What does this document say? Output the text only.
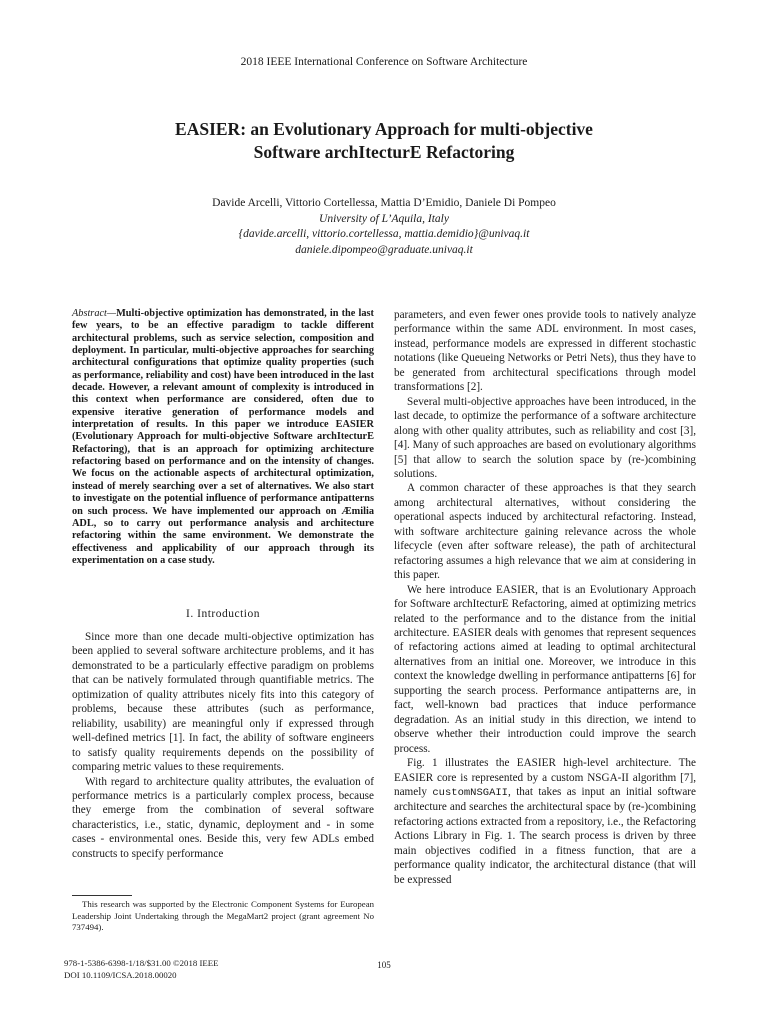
2018 IEEE International Conference on Software Architecture
EASIER: an Evolutionary Approach for multi-objective
Software archItecturE Refactoring
Davide Arcelli, Vittorio Cortellessa, Mattia D’Emidio, Daniele Di Pompeo
University of L’Aquila, Italy
{davide.arcelli, vittorio.cortellessa, mattia.demidio}@univaq.it
daniele.dipompeo@graduate.univaq.it

Abstract—Multi-objective optimization has demonstrated, in the last few years, to be an effective paradigm to tackle different architectural problems, such as service selection, composition and deployment. In particular, multi-objective approaches for searching architectural configurations that optimize quality properties (such as performance, reliability and cost) have been introduced in the last decade. However, a relevant amount of complexity is introduced in this context when performance are considered, often due to expensive iterative generation of performance models and interpretation of results. In this paper we introduce EASIER (Evolutionary Approach for multi-objective Software archItecturE Refactoring), that is an approach for optimizing architecture refactoring based on performance and on the intensity of changes. We focus on the actionable aspects of architectural optimization, instead of merely searching over a set of alternatives. We also start to investigate on the potential influence of performance antipatterns on such process. We have implemented our approach on Æmilia ADL, so to carry out performance analysis and architecture refactoring within the same environment. We demonstrate the effectiveness and applicability of our approach through its experimentation on a case study.

I. Introduction

Since more than one decade multi-objective optimization has been applied to several software architecture problems, and it has demonstrated to be a particularly effective paradigm on problems that can be natively formulated through quantifiable metrics. The optimization of quality attributes nicely fits into this category of problems, because these attributes (such as performance, reliability, usability) are meaningful only if expressed through well-defined metrics [1]. In fact, the ability of software engineers to satisfy quality requirements depends on the possibility of comparing metric values to these requirements.

With regard to architecture quality attributes, the evaluation of performance metrics is a particularly complex process, because they emerge from the combination of several software characteristics, i.e., static, dynamic, deployment and - in some cases - environmental ones. Beside this, very few ADLs embed constructs to specify performance

parameters, and even fewer ones provide tools to natively analyze performance within the same ADL environment. In most cases, instead, performance models are expressed in different stochastic notations (like Queueing Networks or Petri Nets), thus they have to be generated from architectural specifications through model transformations [2].

Several multi-objective approaches have been introduced, in the last decade, to optimize the performance of a software architecture along with other quality attributes, such as reliability and cost [3], [4]. Many of such approaches are based on evolutionary algorithms [5] that allow to search the solution space by (re-)combining solutions.

A common character of these approaches is that they search among architectural alternatives, without considering the operational aspects induced by architectural refactoring. Instead, with software architecture gaining relevance across the whole lifecycle (even after software release), the path of architectural refactoring assumes a high relevance that we aim at considering in this paper.

We here introduce EASIER, that is an Evolutionary Approach for Software archItecturE Refactoring, aimed at optimizing metrics related to the performance and to the distance from the initial architecture. EASIER deals with genomes that represent sequences of refactoring actions aimed at leading to optimal architectural alternatives from an initial one. Moreover, we introduce in this context the knowledge dwelling in performance antipatterns [6] for supporting the search process. Performance antipatterns are, in fact, well-known bad practices that induce performance degradation. As an initial study in this direction, we intend to observe whether their introduction could improve the search process.

Fig. 1 illustrates the EASIER high-level architecture. The EASIER core is represented by a custom NSGA-II algorithm [7], namely customNSGAII, that takes as input an initial software architecture and searches the architectural space by (re-)combining refactoring actions extracted from a repository, i.e., the Refactoring Actions Library in Fig. 1. The search process is driven by three main objectives codified in a fitness function, that are a performance quality indicator, the architectural distance (that will be expressed

This research was supported by the Electronic Component Systems for European Leadership Joint Undertaking through the MegaMart2 project (grant agreement No 737494).

978-1-5386-6398-1/18/$31.00 ©2018 IEEE
DOI 10.1109/ICSA.2018.00020
105
